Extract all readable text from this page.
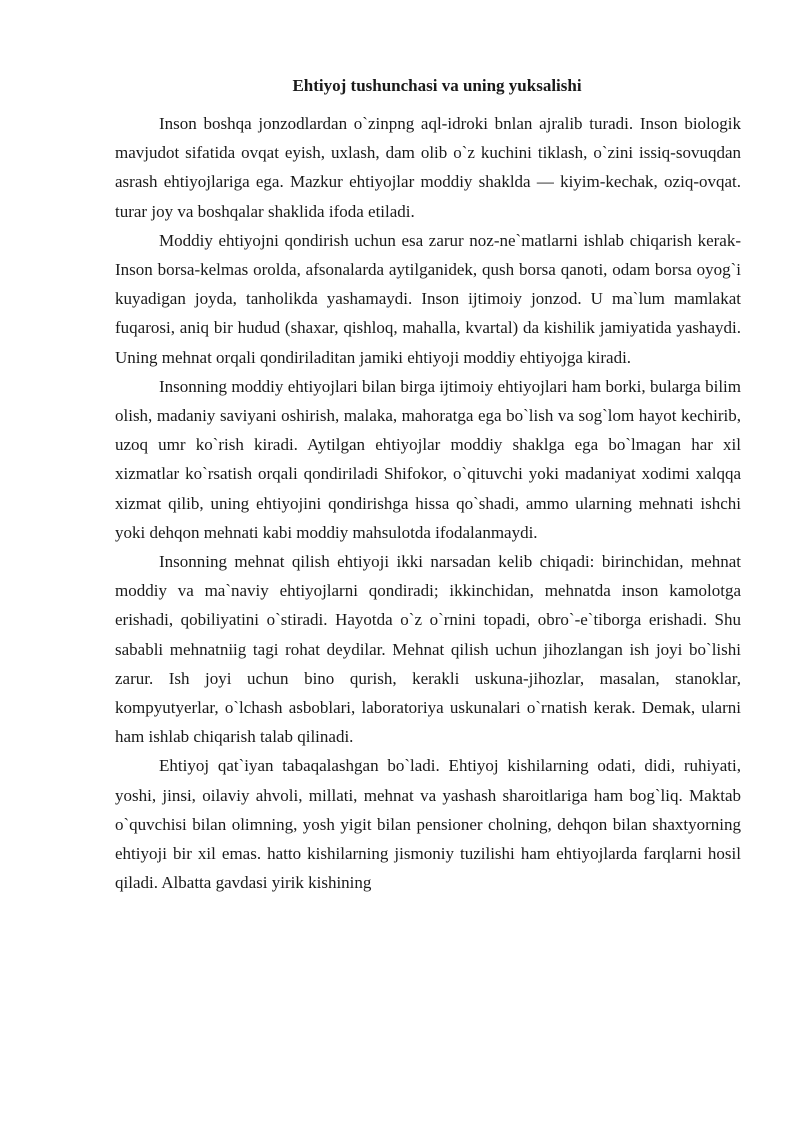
Ehtiyoj tushunchasi va uning yuksalishi

Inson boshqa jonzodlardan o`zinpng aql-idroki bnlan ajralib turadi. Inson biologik mavjudot sifatida ovqat eyish, uxlash, dam olib o`z kuchini tiklash, o`zini issiq-sovuqdan asrash ehtiyojlariga ega. Mazkur ehtiyojlar moddiy shaklda — kiyim-kechak, oziq-ovqat. turar joy va boshqalar shaklida ifoda etiladi.

Moddiy ehtiyojni qondirish uchun esa zarur noz-ne`matlarni ishlab chiqarish kerak- Inson borsa-kelmas orolda, afsonalarda aytilganidek, qush borsa qanoti, odam borsa oyog`i kuyadigan joyda, tanholikda yashamaydi. Inson ijtimoiy jonzod. U ma`lum mamlakat fuqarosi, aniq bir hudud (shaxar, qishloq, mahalla, kvartal) da kishilik jamiyatida yashaydi. Uning mehnat orqali qondiriladitan jamiki ehtiyoji moddiy ehtiyojga kiradi.

Insonning moddiy ehtiyojlari bilan birga ijtimoiy ehtiyojlari ham borki, bularga bilim olish, madaniy saviyani oshirish, malaka, mahoratga ega bo`lish va sog`lom hayot kechirib, uzoq umr ko`rish kiradi. Aytilgan ehtiyojlar moddiy shaklga ega bo`lmagan har xil xizmatlar ko`rsatish orqali qondiriladi Shifokor, o`qituvchi yoki madaniyat xodimi xalqqa xizmat qilib, uning ehtiyojini qondirishga hissa qo`shadi, ammo ularning mehnati ishchi yoki dehqon mehnati kabi moddiy mahsulotda ifodalanmaydi.

Insonning mehnat qilish ehtiyoji ikki narsadan kelib chiqadi: birinchidan, mehnat moddiy va ma`naviy ehtiyojlarni qondiradi; ikkinchidan, mehnatda inson kamolotga erishadi, qobiliyatini o`stiradi. Hayotda o`z o`rnini topadi, obro`-e`tiborga erishadi. Shu sababli mehnatniig tagi rohat deydilar. Mehnat qilish uchun jihozlangan ish joyi bo`lishi zarur. Ish joyi uchun bino qurish, kerakli uskuna-jihozlar, masalan, stanoklar, kompyutyerlar, o`lchash asboblari, laboratoriya uskunalari o`rnatish kerak. Demak, ularni ham ishlab chiqarish talab qilinadi.

Ehtiyoj qat`iyan tabaqalashgan bo`ladi. Ehtiyoj kishilarning odati, didi, ruhiyati, yoshi, jinsi, oilaviy ahvoli, millati, mehnat va yashash sharoitlariga ham bog`liq. Maktab o`quvchisi bilan olimning, yosh yigit bilan pensioner cholning, dehqon bilan shaxtyorning ehtiyoji bir xil emas. hatto kishilarning jismoniy tuzilishi ham ehtiyojlarda farqlarni hosil qiladi. Albatta gavdasi yirik kishining
